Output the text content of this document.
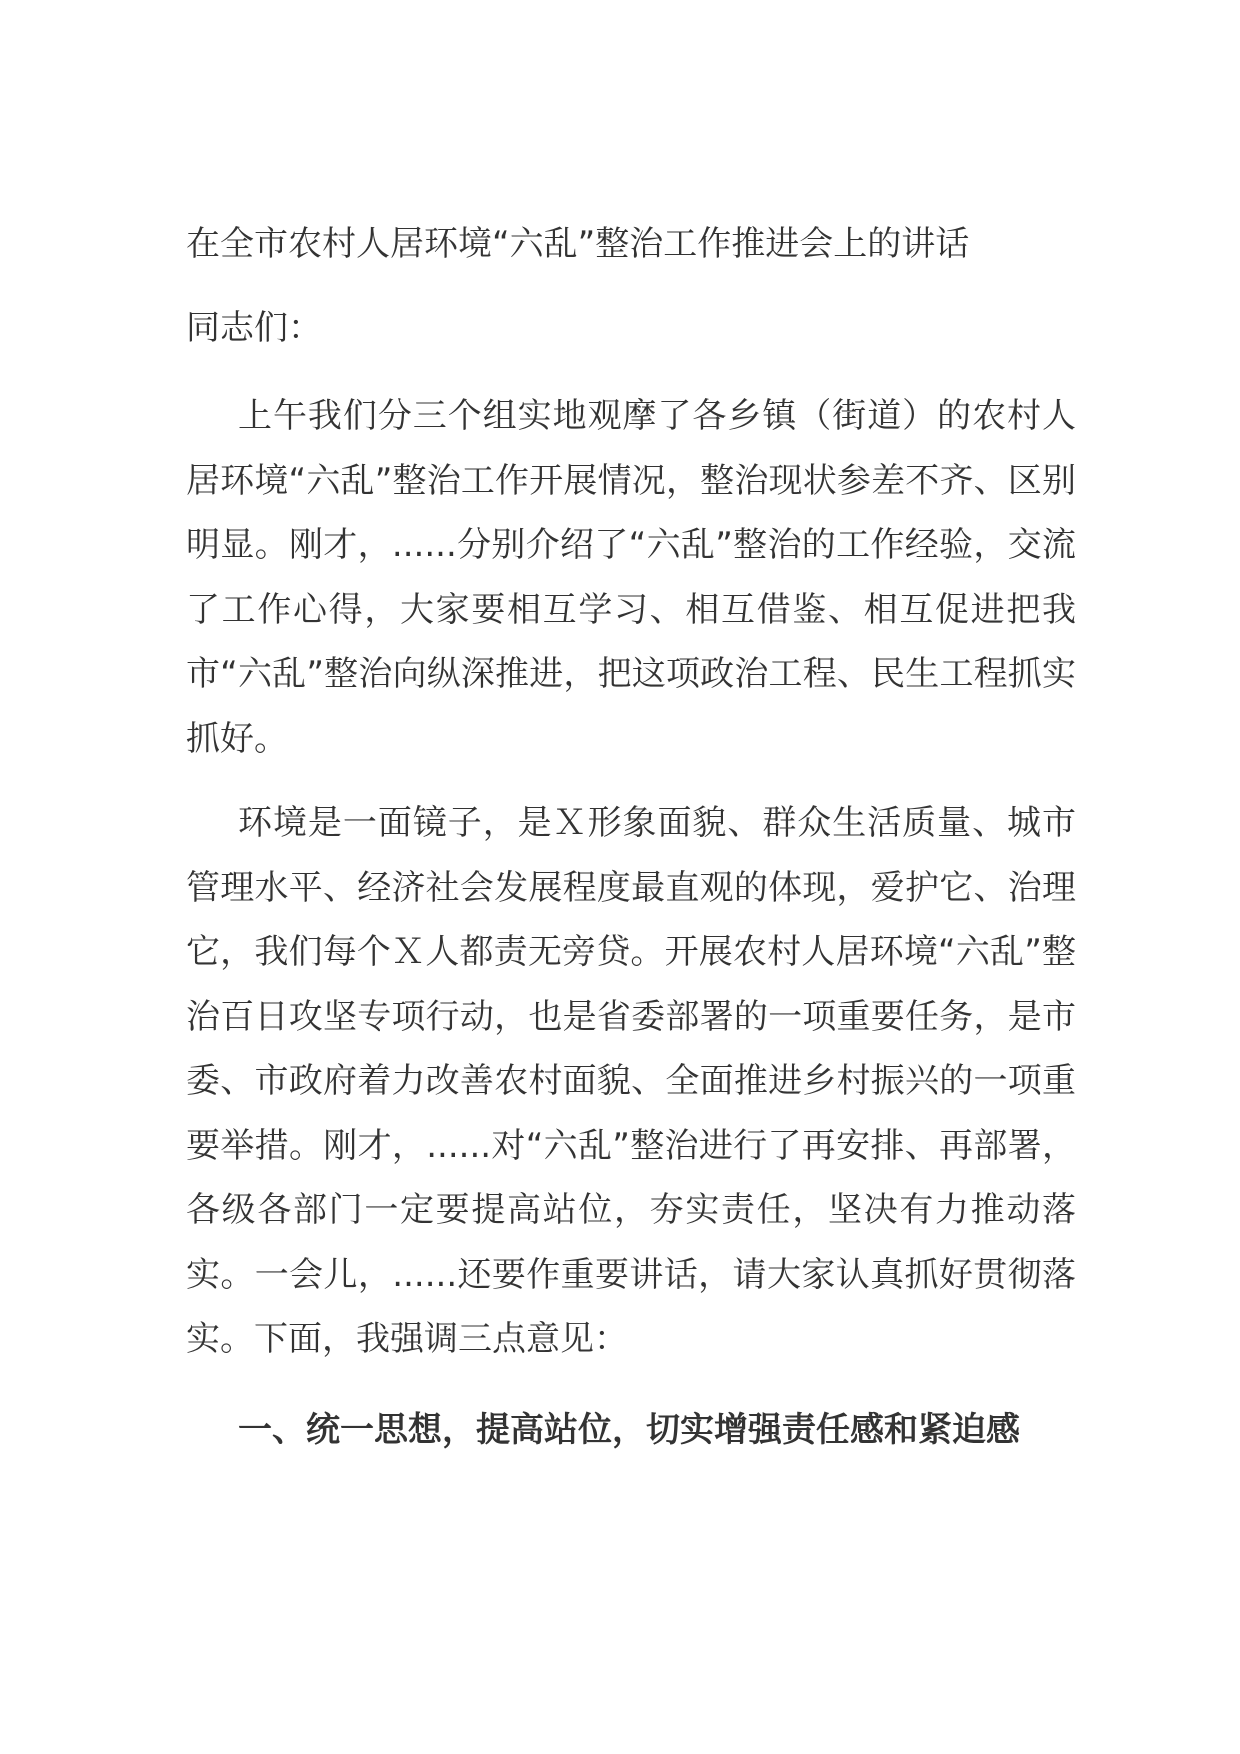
在全市农村人居环境“六乱”整治工作推进会上的讲话

同志们：

上午我们分三个组实地观摩了各乡镇（街道）的农村人居环境“六乱”整治工作开展情况，整治现状参差不齐、区别明显。刚才，......分别介绍了“六乱”整治的工作经验，交流了工作心得，大家要相互学习、相互借鉴、相互促进把我市“六乱”整治向纵深推进，把这项政治工程、民生工程抓实抓好。

环境是一面镜子，是Ｘ形象面貌、群众生活质量、城市管理水平、经济社会发展程度最直观的体现，爱护它、治理它，我们每个Ｘ人都责无旁贷。开展农村人居环境“六乱”整治百日攻坚专项行动，也是省委部署的一项重要任务，是市委、市政府着力改善农村面貌、全面推进乡村振兴的一项重要举措。刚才，......对“六乱”整治进行了再安排、再部署，各级各部门一定要提高站位，夯实责任，坚决有力推动落实。一会儿，......还要作重要讲话，请大家认真抓好贯彻落实。下面，我强调三点意见：

一、统一思想，提高站位，切实增强责任感和紧迫感
